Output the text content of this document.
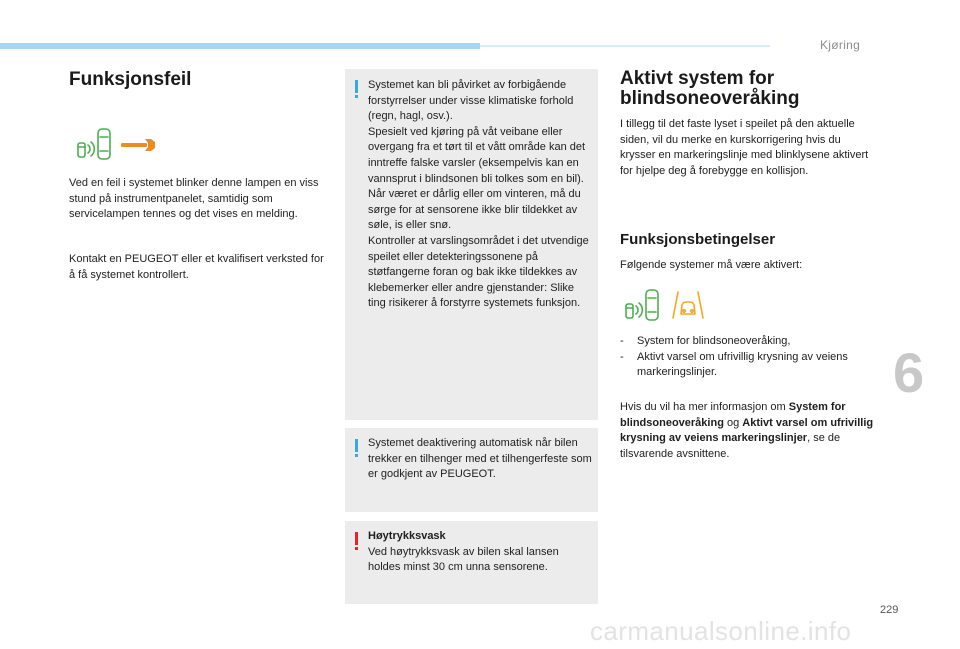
Kjøring
Funksjonsfeil

Ved en feil i systemet blinker denne lampen en viss stund på instrumentpanelet, samtidig som servicelampen tennes og det vises en melding.

Kontakt en PEUGEOT eller et kvalifisert verksted for å få systemet kontrollert.

Systemet kan bli påvirket av forbigående forstyrrelser under visse klimatiske forhold (regn, hagl, osv.).
Spesielt ved kjøring på våt veibane eller overgang fra et tørt til et vått område kan det inntreffe falske varsler (eksempelvis kan en vannsprut i blindsonen bli tolkes som en bil).
Når været er dårlig eller om vinteren, må du sørge for at sensorene ikke blir tildekket av søle, is eller snø.
Kontroller at varslingsområdet i det utvendige speilet eller detekteringssonene på støtfangerne foran og bak ikke tildekkes av klebemerker eller andre gjenstander: Slike ting risikerer å forstyrre systemets funksjon.

Systemet deaktivering automatisk når bilen trekker en tilhenger med et tilhengerfeste som er godkjent av PEUGEOT.

Høytrykksvask
Ved høytrykksvask av bilen skal lansen holdes minst 30 cm unna sensorene.

Aktivt system for blindsoneoveråking

I tillegg til det faste lyset i speilet på den aktuelle siden, vil du merke en kurskorrigering hvis du krysser en markeringslinje med blinklysene aktivert for hjelpe deg å forebygge en kollisjon.

Funksjonsbetingelser

Følgende systemer må være aktivert:

- System for blindsoneoveråking,
- Aktivt varsel om ufrivillig krysning av veiens markeringslinjer.

Hvis du vil ha mer informasjon om System for blindsoneoveråking og Aktivt varsel om ufrivillig krysning av veiens markeringslinjer, se de tilsvarende avsnittene.

6
229
carmanualsonline.info
